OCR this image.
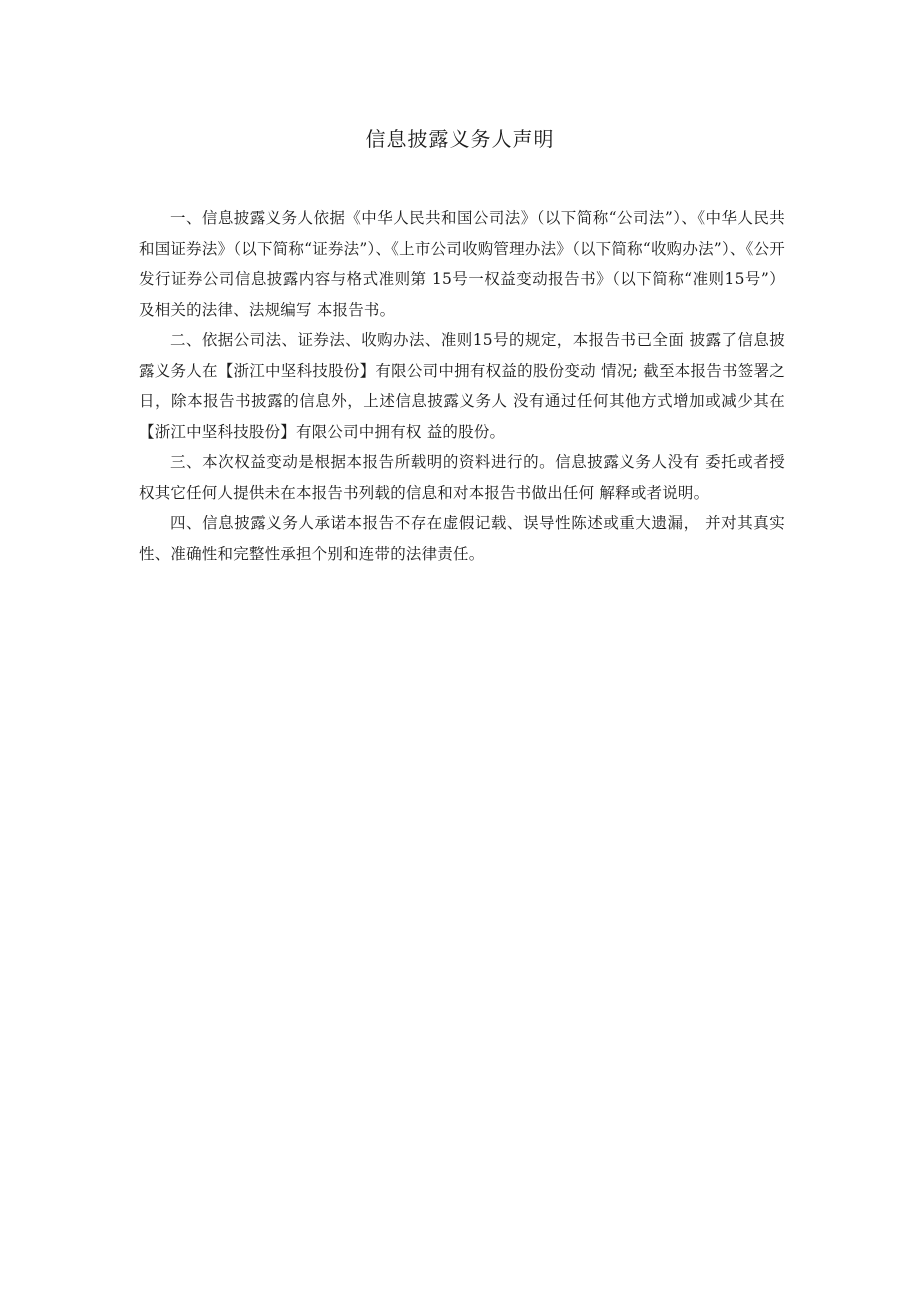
信息披露义务人声明

一、信息披露义务人依据《中华人民共和国公司法》（以下简称“公司法”）、《中华人民共和国证券法》（以下简称“证券法”）、《上市公司收购管理办法》（以下简称“收购办法”）、《公开发行证券公司信息披露内容与格式准则第 15号一权益变动报告书》（以下简称“准则15号”）及相关的法律、法规编写 本报告书。

二、依据公司法、证券法、收购办法、准则15号的规定，本报告书已全面 披露了信息披露义务人在【浙江中坚科技股份】有限公司中拥有权益的股份变动 情况; 截至本报告书签署之日，除本报告书披露的信息外，上述信息披露义务人 没有通过任何其他方式增加或减少其在【浙江中坚科技股份】有限公司中拥有权 益的股份。

三、本次权益变动是根据本报告所载明的资料进行的。信息披露义务人没有 委托或者授权其它任何人提供未在本报告书列载的信息和对本报告书做出任何 解释或者说明。

四、信息披露义务人承诺本报告不存在虚假记载、误导性陈述或重大遗漏， 并对其真实性、准确性和完整性承担个别和连带的法律责任。
